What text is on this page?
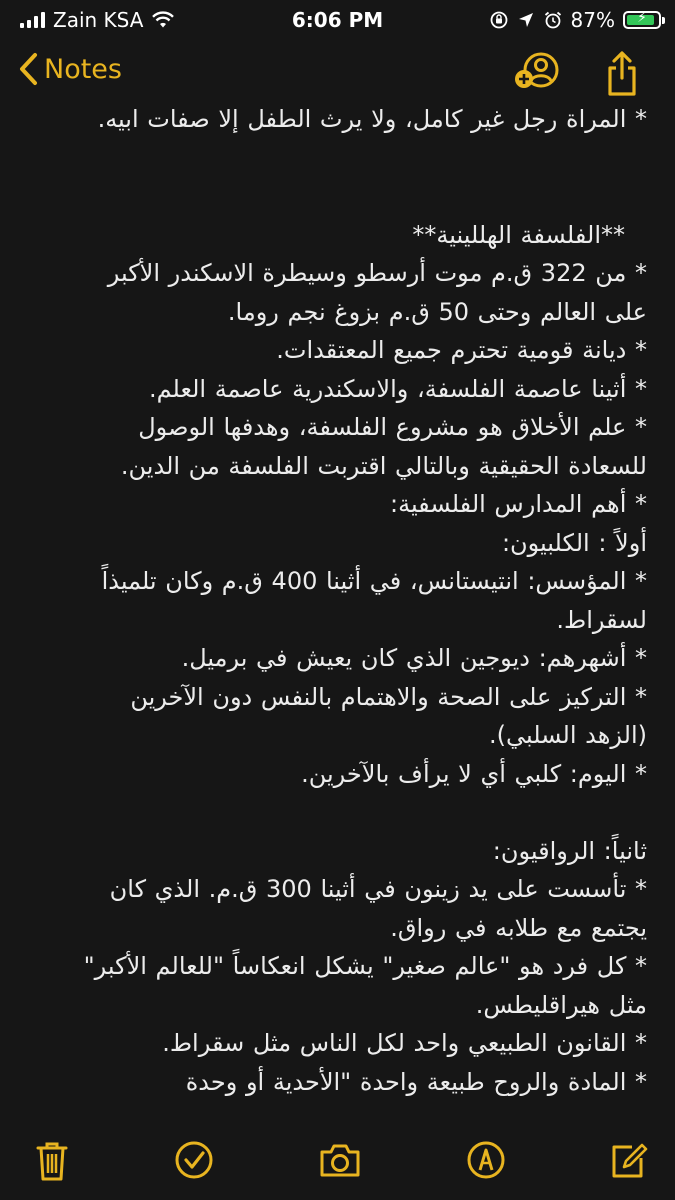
Zain KSA	6:06 PM	87%	⚡
Notes
* المراة رجل غير كامل، ولا يرث الطفل إلا صفات ابيه.
**الفلسفة الهللينية**
* من 322 ق.م موت أرسطو وسيطرة الاسكندر الأكبر
على العالم وحتى 50 ق.م بزوغ نجم روما.
* ديانة قومية تحترم جميع المعتقدات.
* أثينا عاصمة الفلسفة، والاسكندرية عاصمة العلم.
* علم الأخلاق هو مشروع الفلسفة، وهدفها الوصول
للسعادة الحقيقية وبالتالي اقتربت الفلسفة من الدين.
* أهم المدارس الفلسفية:
أولاً : الكلبيون:
* المؤسس: انتيستانس، في أثينا 400 ق.م وكان تلميذاً
لسقراط.
* أشهرهم: ديوجين الذي كان يعيش في برميل.
* التركيز على الصحة والاهتمام بالنفس دون الآخرين
(الزهد السلبي).
* اليوم: كلبي أي لا يرأف بالآخرين.
ثانياً: الرواقيون:
* تأسست على يد زينون في أثينا 300 ق.م. الذي كان
يجتمع مع طلابه في رواق.
* كل فرد هو "عالم صغير" يشكل انعكاساً "للعالم الأكبر"
مثل هيراقليطس.
* القانون الطبيعي واحد لكل الناس مثل سقراط.
* المادة والروح طبيعة واحدة "الأحدية أو وحدة
